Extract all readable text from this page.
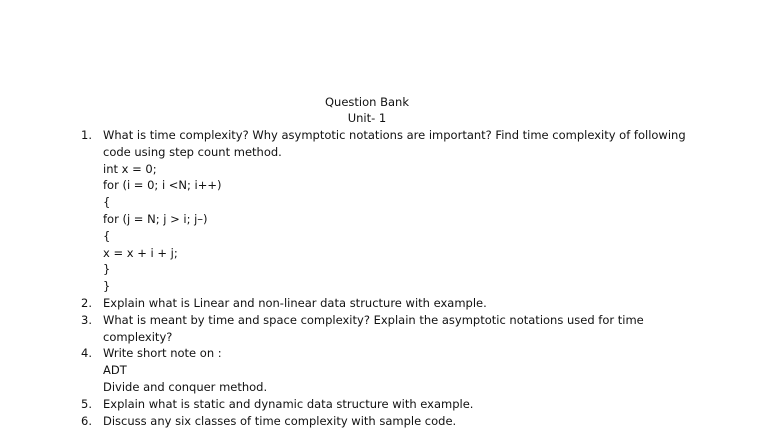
Question Bank
Unit- 1
1. What is time complexity? Why asymptotic notations are important? Find time complexity of following
code using step count method.
int x = 0;
for (i = 0; i <N; i++)
{
for (j = N; j > i; j–)
{
x = x + i + j;
}
}
2. Explain what is Linear and non-linear data structure with example.
3. What is meant by time and space complexity? Explain the asymptotic notations used for time
complexity?
4. Write short note on :
ADT
Divide and conquer method.
5. Explain what is static and dynamic data structure with example.
6. Discuss any six classes of time complexity with sample code.
